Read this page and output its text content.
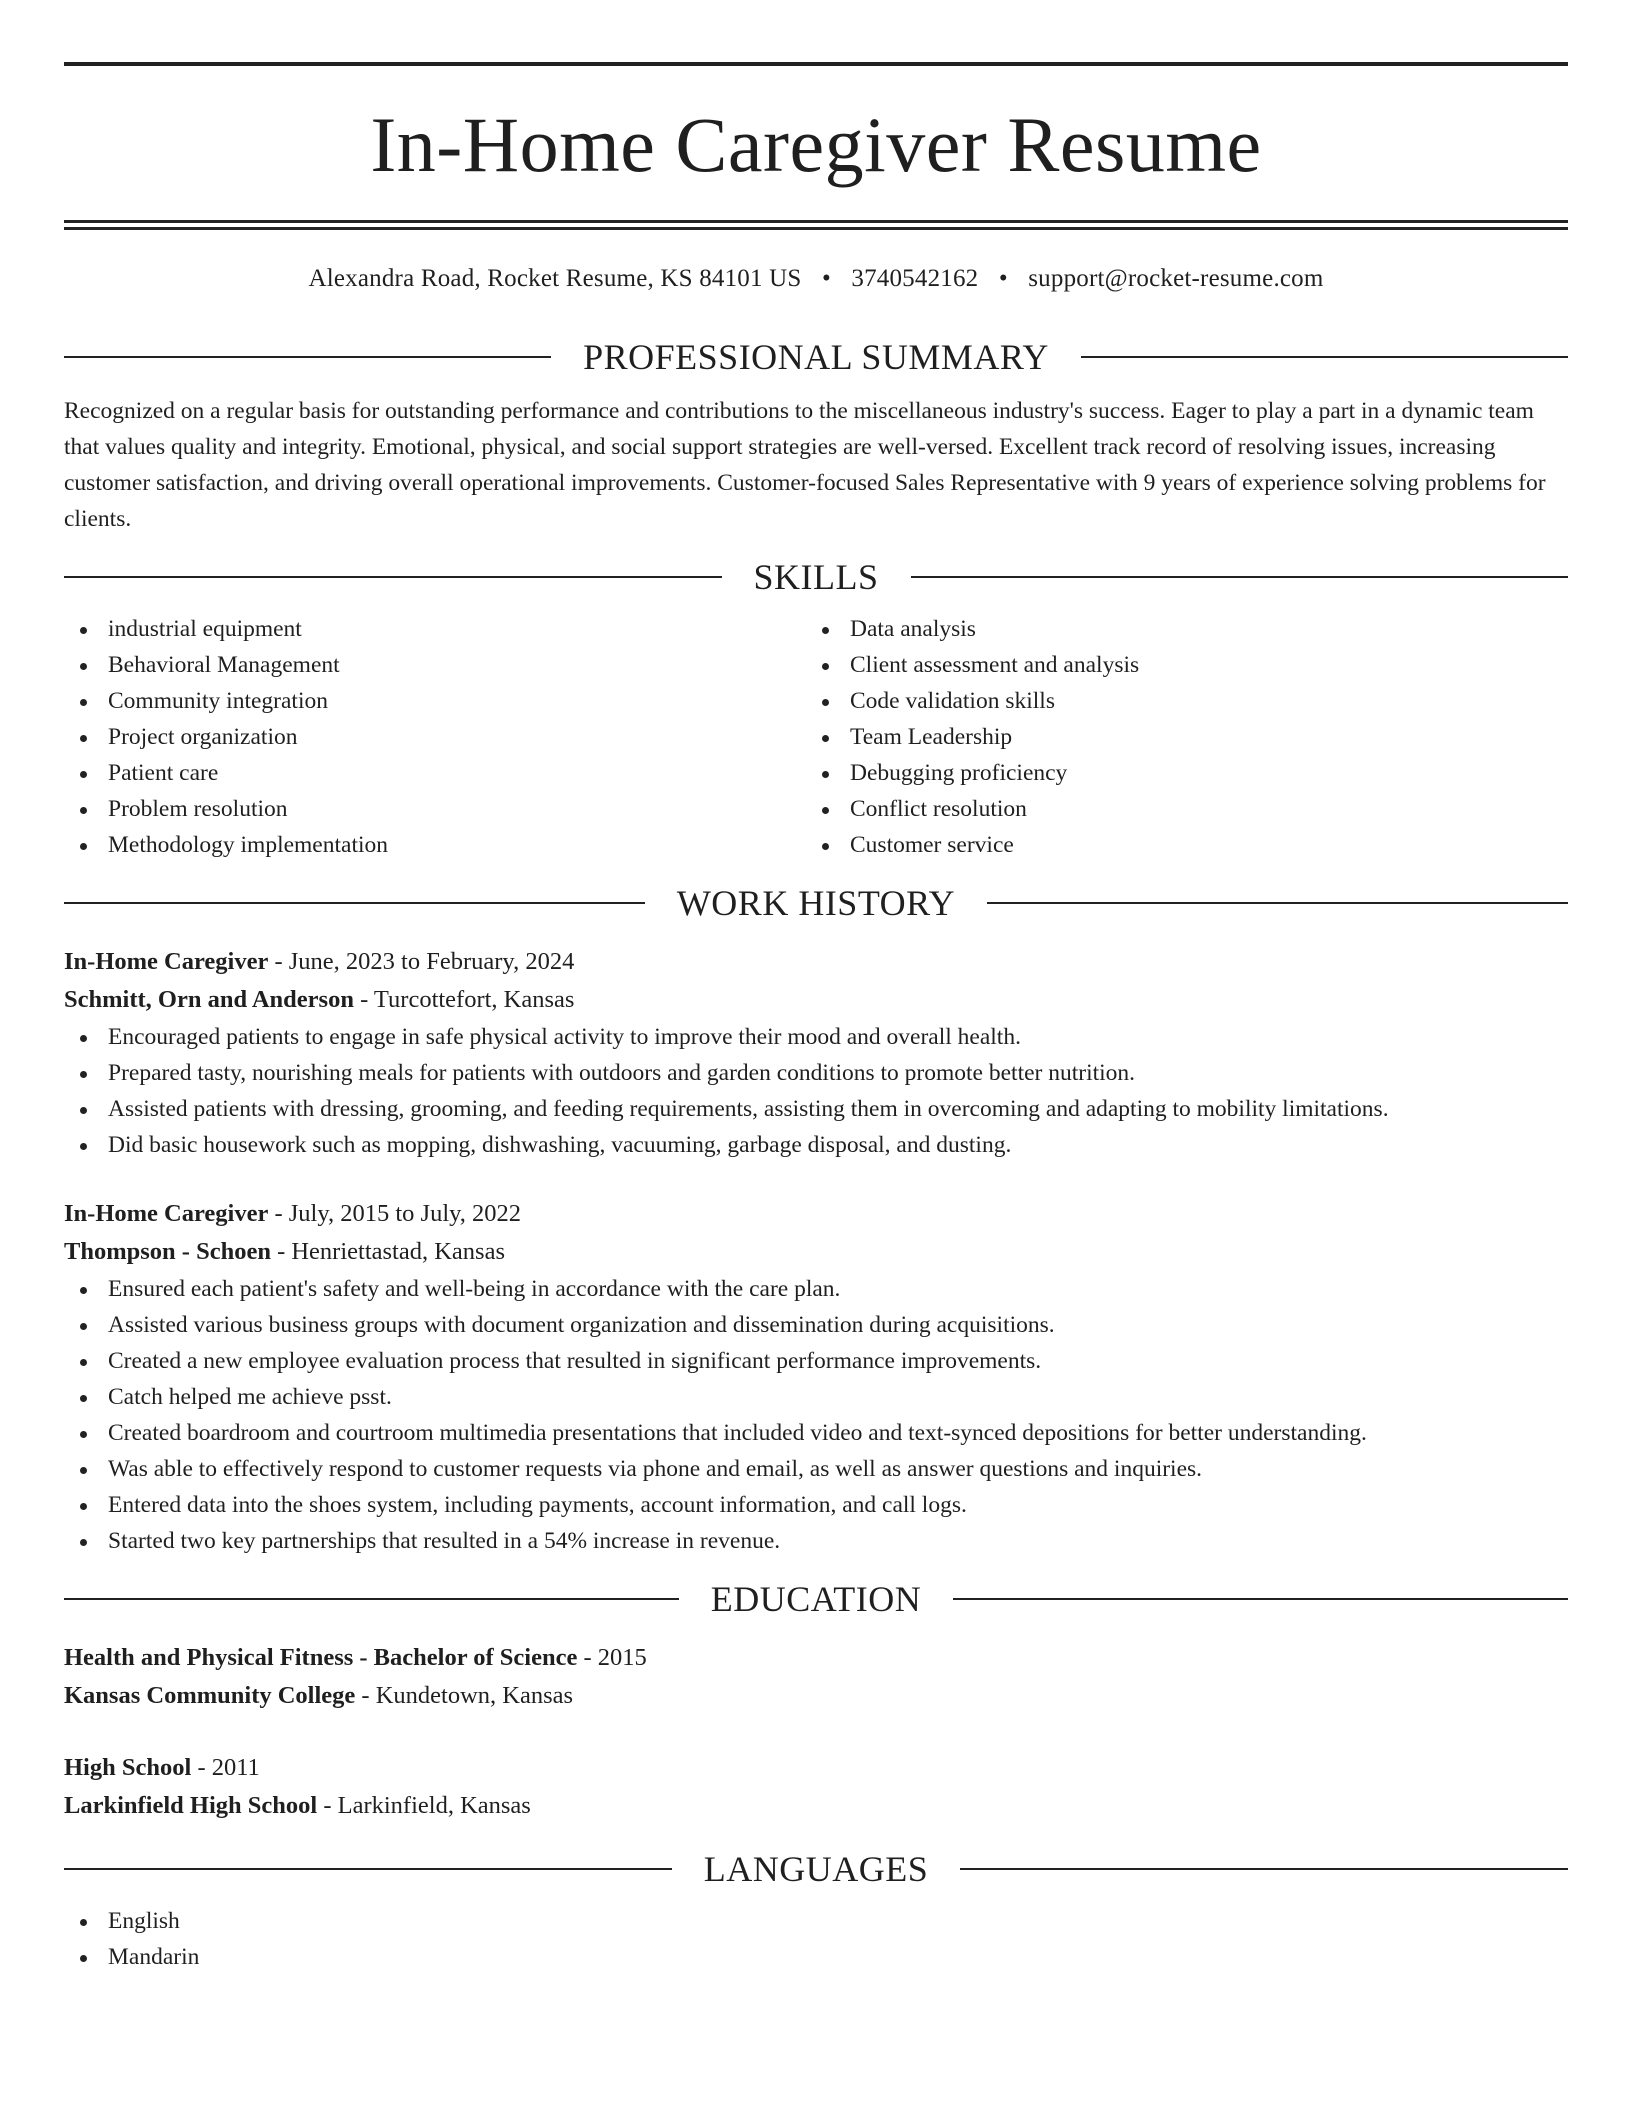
In-Home Caregiver Resume
Alexandra Road, Rocket Resume, KS 84101 US • 3740542162 • support@rocket-resume.com
PROFESSIONAL SUMMARY

Recognized on a regular basis for outstanding performance and contributions to the miscellaneous industry's success. Eager to play a part in a dynamic team that values quality and integrity. Emotional, physical, and social support strategies are well-versed. Excellent track record of resolving issues, increasing customer satisfaction, and driving overall operational improvements. Customer-focused Sales Representative with 9 years of experience solving problems for clients.

SKILLS
industrial equipment
Behavioral Management
Community integration
Project organization
Patient care
Problem resolution
Methodology implementation
Data analysis
Client assessment and analysis
Code validation skills
Team Leadership
Debugging proficiency
Conflict resolution
Customer service
WORK HISTORY
In-Home Caregiver - June, 2023 to February, 2024
Schmitt, Orn and Anderson - Turcottefort, Kansas
Encouraged patients to engage in safe physical activity to improve their mood and overall health.
Prepared tasty, nourishing meals for patients with outdoors and garden conditions to promote better nutrition.
Assisted patients with dressing, grooming, and feeding requirements, assisting them in overcoming and adapting to mobility limitations.
Did basic housework such as mopping, dishwashing, vacuuming, garbage disposal, and dusting.
In-Home Caregiver - July, 2015 to July, 2022
Thompson - Schoen - Henriettastad, Kansas
Ensured each patient's safety and well-being in accordance with the care plan.
Assisted various business groups with document organization and dissemination during acquisitions.
Created a new employee evaluation process that resulted in significant performance improvements.
Catch helped me achieve psst.
Created boardroom and courtroom multimedia presentations that included video and text-synced depositions for better understanding.
Was able to effectively respond to customer requests via phone and email, as well as answer questions and inquiries.
Entered data into the shoes system, including payments, account information, and call logs.
Started two key partnerships that resulted in a 54% increase in revenue.
EDUCATION
Health and Physical Fitness - Bachelor of Science - 2015
Kansas Community College - Kundetown, Kansas
High School - 2011
Larkinfield High School - Larkinfield, Kansas
LANGUAGES
English
Mandarin
